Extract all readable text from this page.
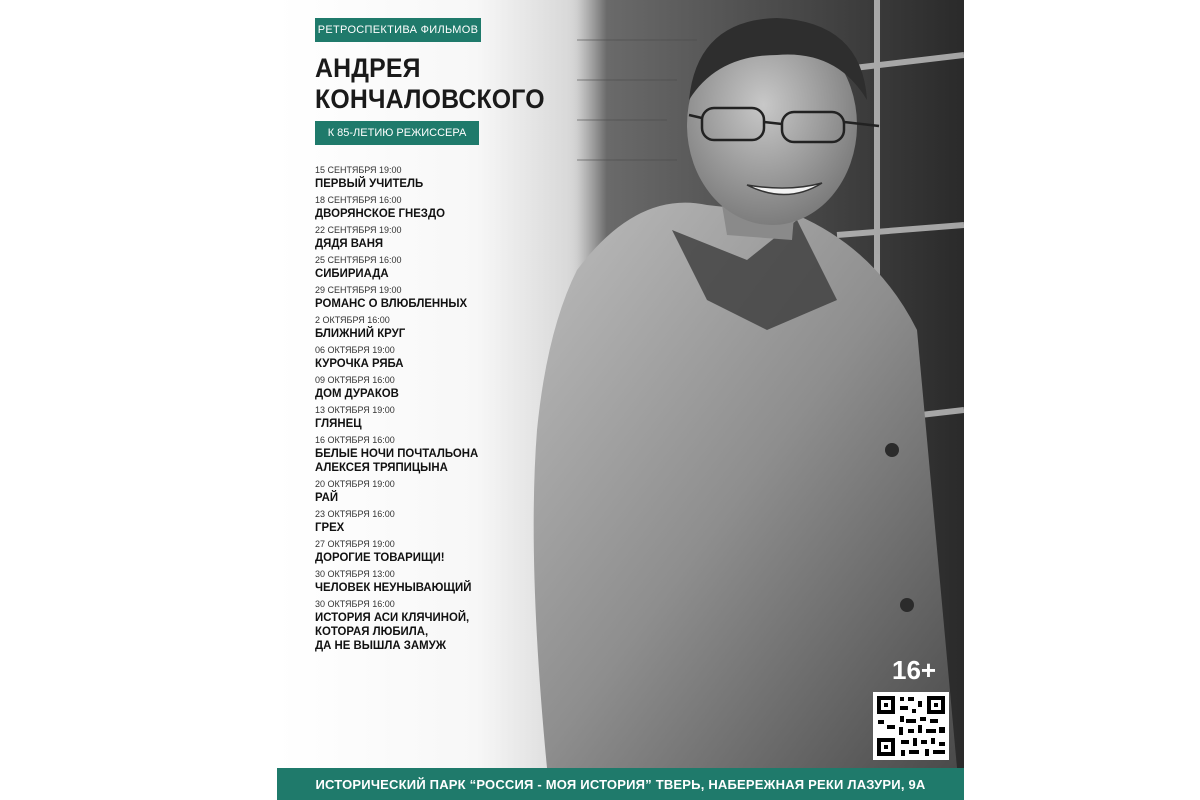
РЕТРОСПЕКТИВА ФИЛЬМОВ
АНДРЕЯ
КОНЧАЛОВСКОГО
К 85-ЛЕТИЮ РЕЖИССЕРА
15 СЕНТЯБРЯ 19:00
ПЕРВЫЙ УЧИТЕЛЬ
18 СЕНТЯБРЯ 16:00
ДВОРЯНСКОЕ ГНЕЗДО
22 СЕНТЯБРЯ 19:00
ДЯДЯ ВАНЯ
25 СЕНТЯБРЯ 16:00
СИБИРИАДА
29 СЕНТЯБРЯ 19:00
РОМАНС О ВЛЮБЛЕННЫХ
2 ОКТЯБРЯ 16:00
БЛИЖНИЙ КРУГ
06 ОКТЯБРЯ 19:00
КУРОЧКА РЯБА
09 ОКТЯБРЯ 16:00
ДОМ ДУРАКОВ
13 ОКТЯБРЯ 19:00
ГЛЯНЕЦ
16 ОКТЯБРЯ 16:00
БЕЛЫЕ НОЧИ ПОЧТАЛЬОНА
АЛЕКСЕЯ ТРЯПИЦЫНА
20 ОКТЯБРЯ 19:00
РАЙ
23 ОКТЯБРЯ 16:00
ГРЕХ
27 ОКТЯБРЯ 19:00
ДОРОГИЕ ТОВАРИЩИ!
30 ОКТЯБРЯ 13:00
ЧЕЛОВЕК НЕУНЫВАЮЩИЙ
30 ОКТЯБРЯ 16:00
ИСТОРИЯ АСИ КЛЯЧИНОЙ,
КОТОРАЯ ЛЮБИЛА,
ДА НЕ ВЫШЛА ЗАМУЖ
16+
ИСТОРИЧЕСКИЙ ПАРК “РОССИЯ - МОЯ ИСТОРИЯ” ТВЕРЬ, НАБЕРЕЖНАЯ РЕКИ ЛАЗУРИ, 9А
